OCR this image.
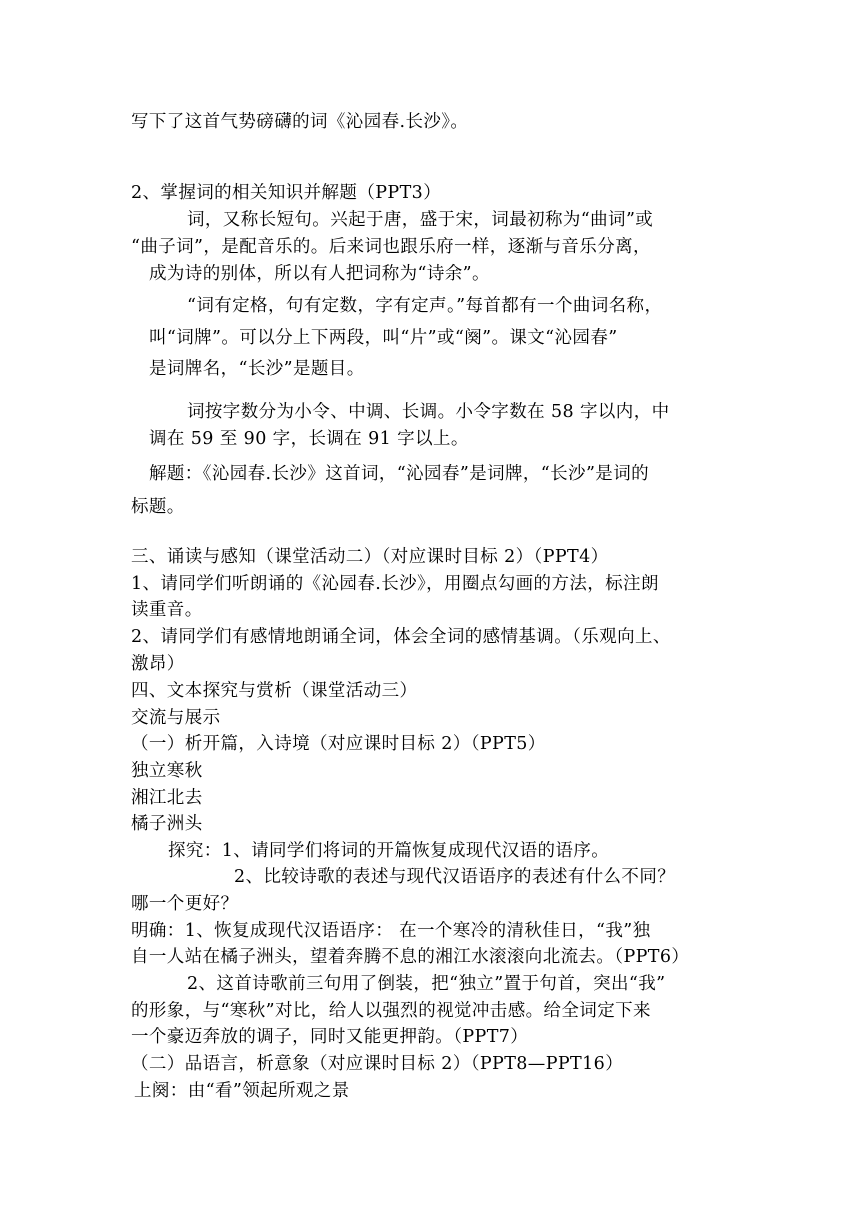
写下了这首气势磅礴的词《沁园春.长沙》。
2、掌握词的相关知识并解题（PPT3）
词，又称长短句。兴起于唐，盛于宋，词最初称为“曲词”或
“曲子词”，是配音乐的。后来词也跟乐府一样，逐渐与音乐分离，
成为诗的别体，所以有人把词称为“诗余”。
“词有定格，句有定数，字有定声。”每首都有一个曲词名称，
叫“词牌”。可以分上下两段，叫“片”或“阕”。课文“沁园春”
是词牌名，“长沙”是题目。
词按字数分为小令、中调、长调。小令字数在 58 字以内，中
调在 59 至 90 字，长调在 91 字以上。
解题：《沁园春.长沙》这首词，“沁园春”是词牌，“长沙”是词的
标题。
三、诵读与感知（课堂活动二）（对应课时目标 2）（PPT4）
1、请同学们听朗诵的《沁园春.长沙》，用圈点勾画的方法，标注朗
读重音。
2、请同学们有感情地朗诵全词，体会全词的感情基调。（乐观向上、
激昂）
四、文本探究与赏析（课堂活动三）
交流与展示
（一）析开篇，入诗境（对应课时目标 2）（PPT5）
独立寒秋
湘江北去
橘子洲头
探究：1、请同学们将词的开篇恢复成现代汉语的语序。
2、比较诗歌的表述与现代汉语语序的表述有什么不同？
哪一个更好？
明确：1、恢复成现代汉语语序： 在一个寒冷的清秋佳日，“我”独
自一人站在橘子洲头，望着奔腾不息的湘江水滚滚向北流去。（PPT6）
2、这首诗歌前三句用了倒装，把“独立”置于句首，突出“我”
的形象，与“寒秋”对比，给人以强烈的视觉冲击感。给全词定下来
一个豪迈奔放的调子，同时又能更押韵。（PPT7）
（二）品语言，析意象（对应课时目标 2）（PPT8—PPT16）
上阕：由“看”领起所观之景
